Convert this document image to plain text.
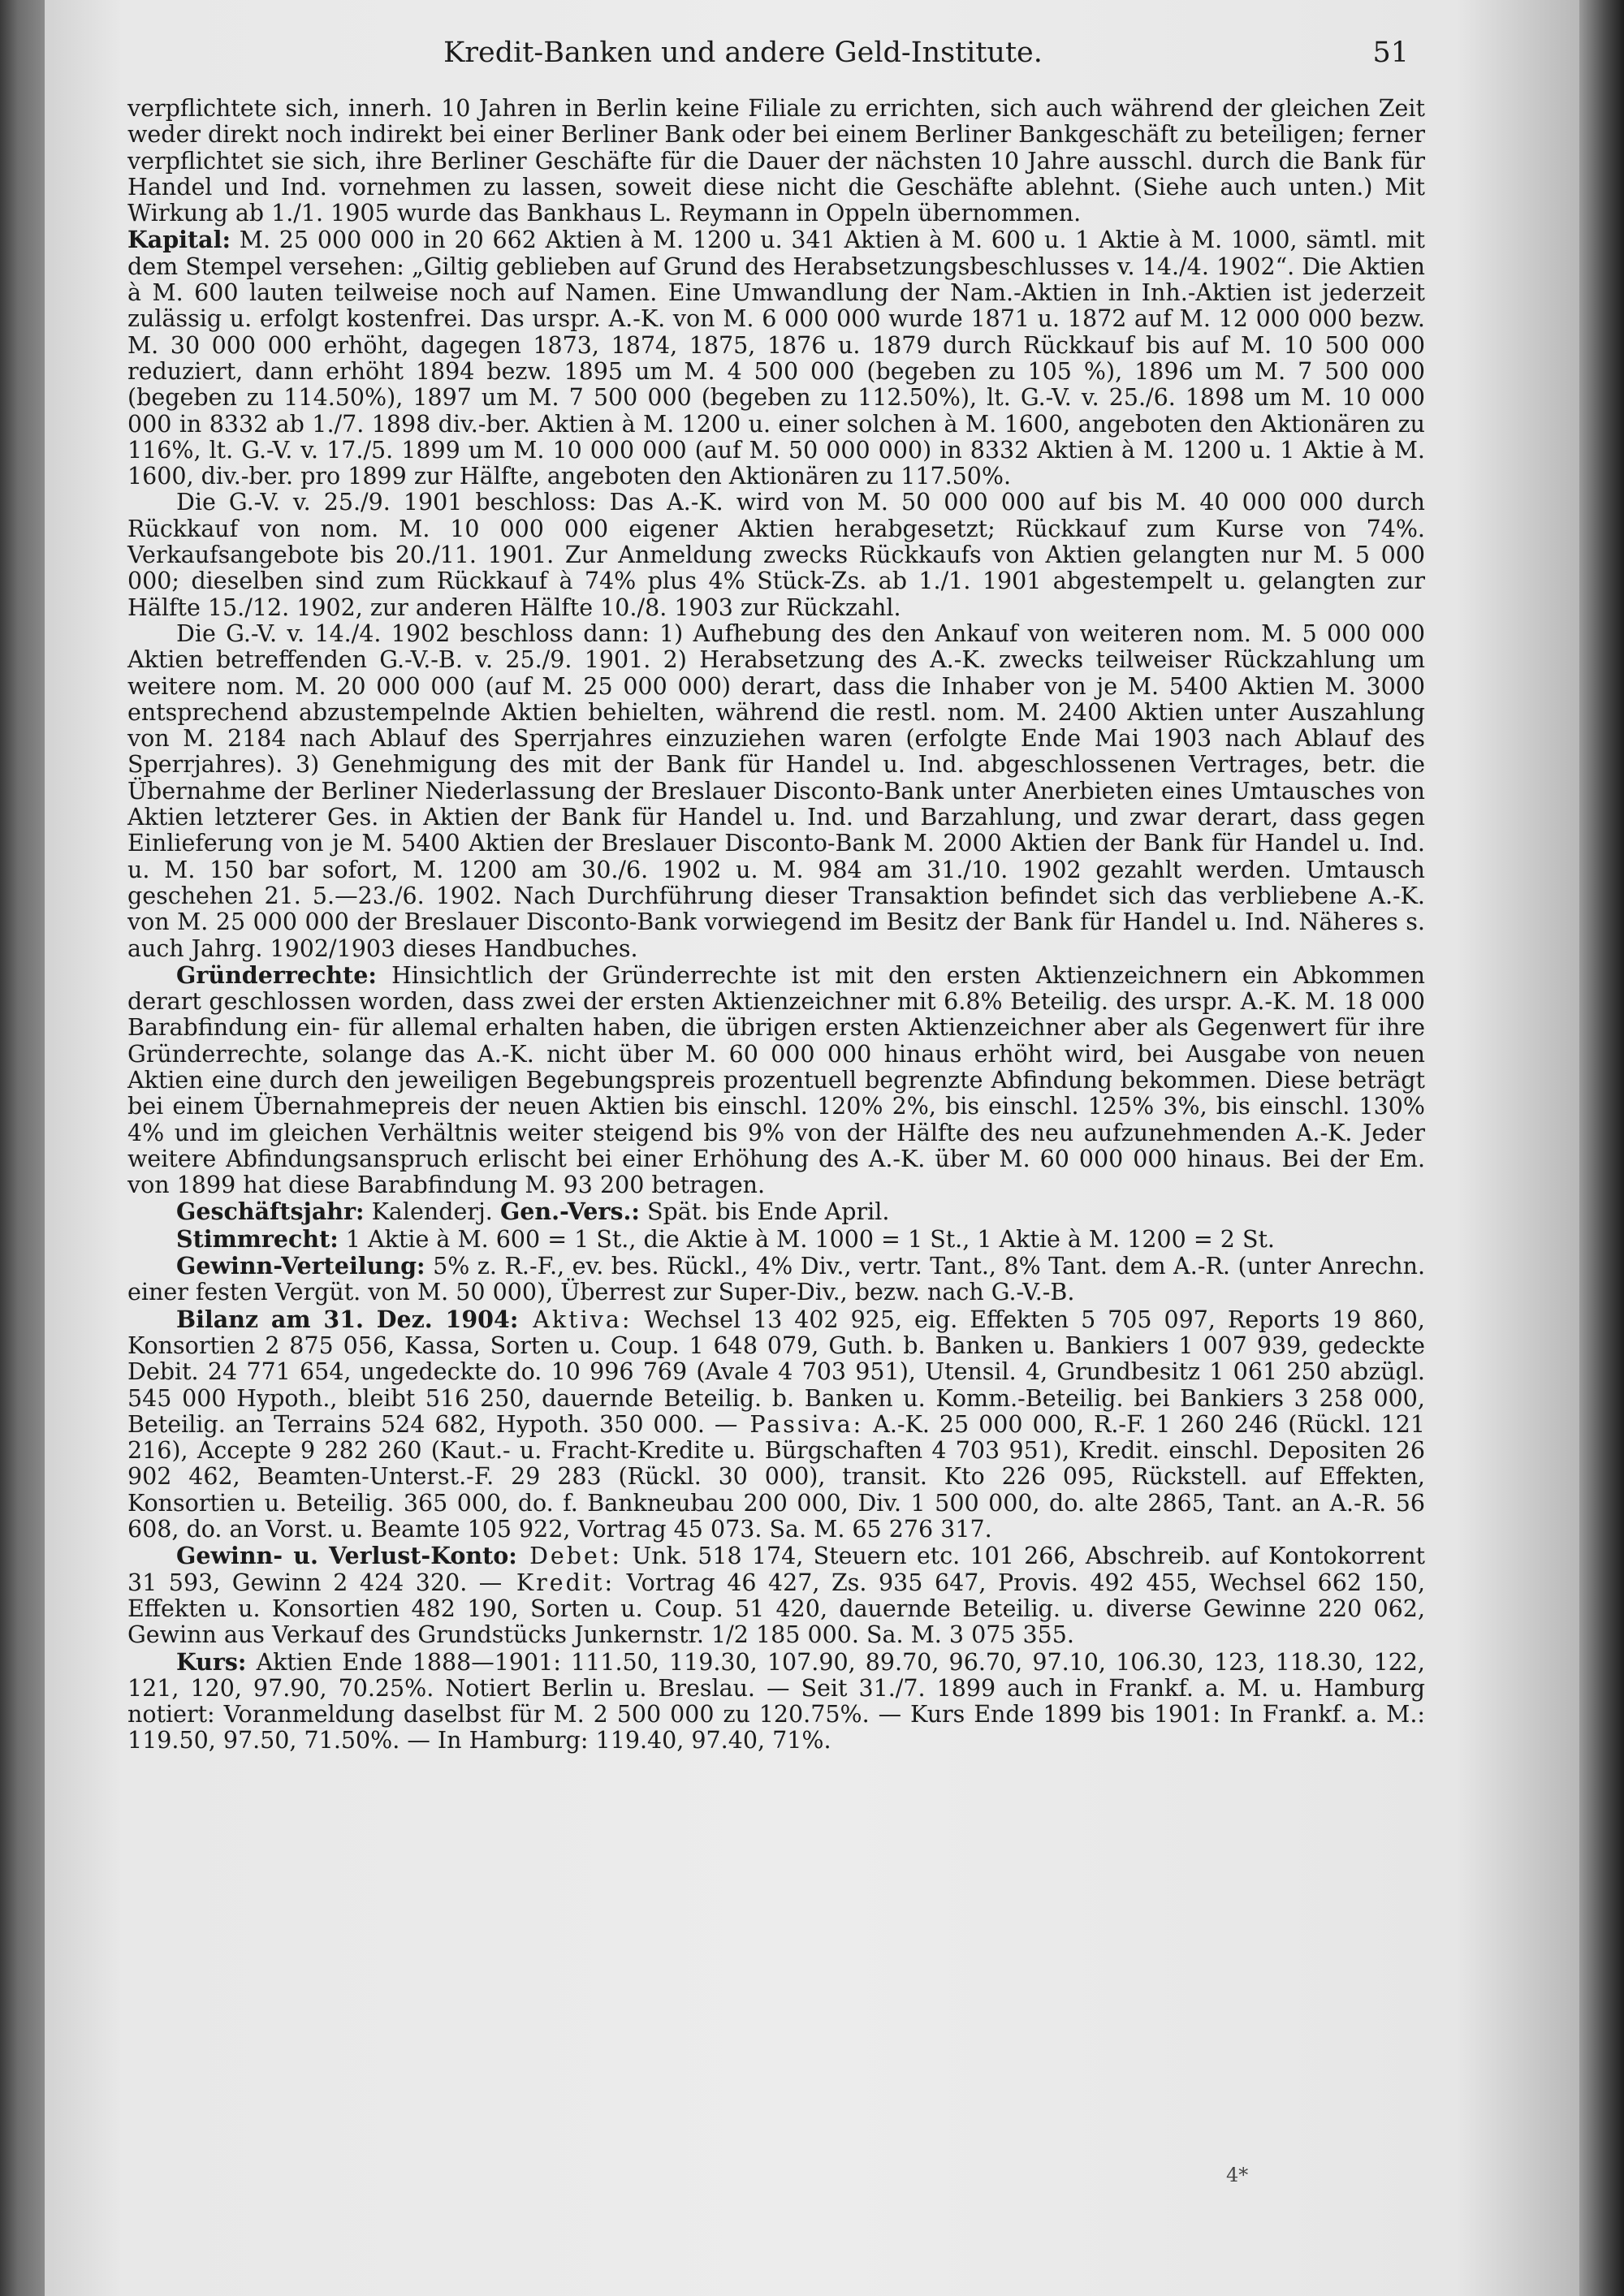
Kredit-Banken und andere Geld-Institute.	51

verpflichtete sich, innerh. 10 Jahren in Berlin keine Filiale zu errichten, sich auch während der gleichen Zeit weder direkt noch indirekt bei einer Berliner Bank oder bei einem Berliner Bankgeschäft zu beteiligen; ferner verpflichtet sie sich, ihre Berliner Geschäfte für die Dauer der nächsten 10 Jahre ausschl. durch die Bank für Handel und Ind. vornehmen zu lassen, soweit diese nicht die Geschäfte ablehnt. (Siehe auch unten.) Mit Wirkung ab 1./1. 1905 wurde das Bankhaus L. Reymann in Oppeln übernommen.

Kapital: M. 25 000 000 in 20 662 Aktien à M. 1200 u. 341 Aktien à M. 600 u. 1 Aktie à M. 1000, sämtl. mit dem Stempel versehen: „Giltig geblieben auf Grund des Herabsetzungsbeschlusses v. 14./4. 1902“. Die Aktien à M. 600 lauten teilweise noch auf Namen. Eine Umwandlung der Nam.-Aktien in Inh.-Aktien ist jederzeit zulässig u. erfolgt kostenfrei. Das urspr. A.-K. von M. 6 000 000 wurde 1871 u. 1872 auf M. 12 000 000 bezw. M. 30 000 000 erhöht, dagegen 1873, 1874, 1875, 1876 u. 1879 durch Rückkauf bis auf M. 10 500 000 reduziert, dann erhöht 1894 bezw. 1895 um M. 4 500 000 (begeben zu 105 %), 1896 um M. 7 500 000 (begeben zu 114.50%), 1897 um M. 7 500 000 (begeben zu 112.50%), lt. G.-V. v. 25./6. 1898 um M. 10 000 000 in 8332 ab 1./7. 1898 div.-ber. Aktien à M. 1200 u. einer solchen à M. 1600, angeboten den Aktionären zu 116%, lt. G.-V. v. 17./5. 1899 um M. 10 000 000 (auf M. 50 000 000) in 8332 Aktien à M. 1200 u. 1 Aktie à M. 1600, div.-ber. pro 1899 zur Hälfte, angeboten den Aktionären zu 117.50%.

Die G.-V. v. 25./9. 1901 beschloss: Das A.-K. wird von M. 50 000 000 auf bis M. 40 000 000 durch Rückkauf von nom. M. 10 000 000 eigener Aktien herabgesetzt; Rückkauf zum Kurse von 74%. Verkaufsangebote bis 20./11. 1901. Zur Anmeldung zwecks Rückkaufs von Aktien gelangten nur M. 5 000 000; dieselben sind zum Rückkauf à 74% plus 4% Stück-Zs. ab 1./1. 1901 abgestempelt u. gelangten zur Hälfte 15./12. 1902, zur anderen Hälfte 10./8. 1903 zur Rückzahl.

Die G.-V. v. 14./4. 1902 beschloss dann: 1) Aufhebung des den Ankauf von weiteren nom. M. 5 000 000 Aktien betreffenden G.-V.-B. v. 25./9. 1901. 2) Herabsetzung des A.-K. zwecks teilweiser Rückzahlung um weitere nom. M. 20 000 000 (auf M. 25 000 000) derart, dass die Inhaber von je M. 5400 Aktien M. 3000 entsprechend abzustempelnde Aktien behielten, während die restl. nom. M. 2400 Aktien unter Auszahlung von M. 2184 nach Ablauf des Sperrjahres einzuziehen waren (erfolgte Ende Mai 1903 nach Ablauf des Sperrjahres). 3) Genehmigung des mit der Bank für Handel u. Ind. abgeschlossenen Vertrages, betr. die Übernahme der Berliner Niederlassung der Breslauer Disconto-Bank unter Anerbieten eines Umtausches von Aktien letzterer Ges. in Aktien der Bank für Handel u. Ind. und Barzahlung, und zwar derart, dass gegen Einlieferung von je M. 5400 Aktien der Breslauer Disconto-Bank M. 2000 Aktien der Bank für Handel u. Ind. u. M. 150 bar sofort, M. 1200 am 30./6. 1902 u. M. 984 am 31./10. 1902 gezahlt werden. Umtausch geschehen 21. 5.—23./6. 1902. Nach Durchführung dieser Transaktion befindet sich das verbliebene A.-K. von M. 25 000 000 der Breslauer Disconto-Bank vorwiegend im Besitz der Bank für Handel u. Ind. Näheres s. auch Jahrg. 1902/1903 dieses Handbuches.

Gründerrechte: Hinsichtlich der Gründerrechte ist mit den ersten Aktienzeichnern ein Abkommen derart geschlossen worden, dass zwei der ersten Aktienzeichner mit 6.8% Beteilig. des urspr. A.-K. M. 18 000 Barabfindung ein- für allemal erhalten haben, die übrigen ersten Aktienzeichner aber als Gegenwert für ihre Gründerrechte, solange das A.-K. nicht über M. 60 000 000 hinaus erhöht wird, bei Ausgabe von neuen Aktien eine durch den jeweiligen Begebungspreis prozentuell begrenzte Abfindung bekommen. Diese beträgt bei einem Übernahmepreis der neuen Aktien bis einschl. 120% 2%, bis einschl. 125% 3%, bis einschl. 130% 4% und im gleichen Verhältnis weiter steigend bis 9% von der Hälfte des neu aufzunehmenden A.-K. Jeder weitere Abfindungsanspruch erlischt bei einer Erhöhung des A.-K. über M. 60 000 000 hinaus. Bei der Em. von 1899 hat diese Barabfindung M. 93 200 betragen.

Geschäftsjahr: Kalenderj. Gen.-Vers.: Spät. bis Ende April.

Stimmrecht: 1 Aktie à M. 600 = 1 St., die Aktie à M. 1000 = 1 St., 1 Aktie à M. 1200 = 2 St.

Gewinn-Verteilung: 5% z. R.-F., ev. bes. Rückl., 4% Div., vertr. Tant., 8% Tant. dem A.-R. (unter Anrechn. einer festen Vergüt. von M. 50 000), Überrest zur Super-Div., bezw. nach G.-V.-B.

Bilanz am 31. Dez. 1904: Aktiva: Wechsel 13 402 925, eig. Effekten 5 705 097, Reports 19 860, Konsortien 2 875 056, Kassa, Sorten u. Coup. 1 648 079, Guth. b. Banken u. Bankiers 1 007 939, gedeckte Debit. 24 771 654, ungedeckte do. 10 996 769 (Avale 4 703 951), Utensil. 4, Grundbesitz 1 061 250 abzügl. 545 000 Hypoth., bleibt 516 250, dauernde Beteilig. b. Banken u. Komm.-Beteilig. bei Bankiers 3 258 000, Beteilig. an Terrains 524 682, Hypoth. 350 000. — Passiva: A.-K. 25 000 000, R.-F. 1 260 246 (Rückl. 121 216), Accepte 9 282 260 (Kaut.- u. Fracht-Kredite u. Bürgschaften 4 703 951), Kredit. einschl. Depositen 26 902 462, Beamten-Unterst.-F. 29 283 (Rückl. 30 000), transit. Kto 226 095, Rückstell. auf Effekten, Konsortien u. Beteilig. 365 000, do. f. Bankneubau 200 000, Div. 1 500 000, do. alte 2865, Tant. an A.-R. 56 608, do. an Vorst. u. Beamte 105 922, Vortrag 45 073. Sa. M. 65 276 317.

Gewinn- u. Verlust-Konto: Debet: Unk. 518 174, Steuern etc. 101 266, Abschreib. auf Kontokorrent 31 593, Gewinn 2 424 320. — Kredit: Vortrag 46 427, Zs. 935 647, Provis. 492 455, Wechsel 662 150, Effekten u. Konsortien 482 190, Sorten u. Coup. 51 420, dauernde Beteilig. u. diverse Gewinne 220 062, Gewinn aus Verkauf des Grundstücks Junkernstr. 1/2 185 000. Sa. M. 3 075 355.

Kurs: Aktien Ende 1888—1901: 111.50, 119.30, 107.90, 89.70, 96.70, 97.10, 106.30, 123, 118.30, 122, 121, 120, 97.90, 70.25%. Notiert Berlin u. Breslau. — Seit 31./7. 1899 auch in Frankf. a. M. u. Hamburg notiert: Voranmeldung daselbst für M. 2 500 000 zu 120.75%. — Kurs Ende 1899 bis 1901: In Frankf. a. M.: 119.50, 97.50, 71.50%. — In Hamburg: 119.40, 97.40, 71%.

4*
